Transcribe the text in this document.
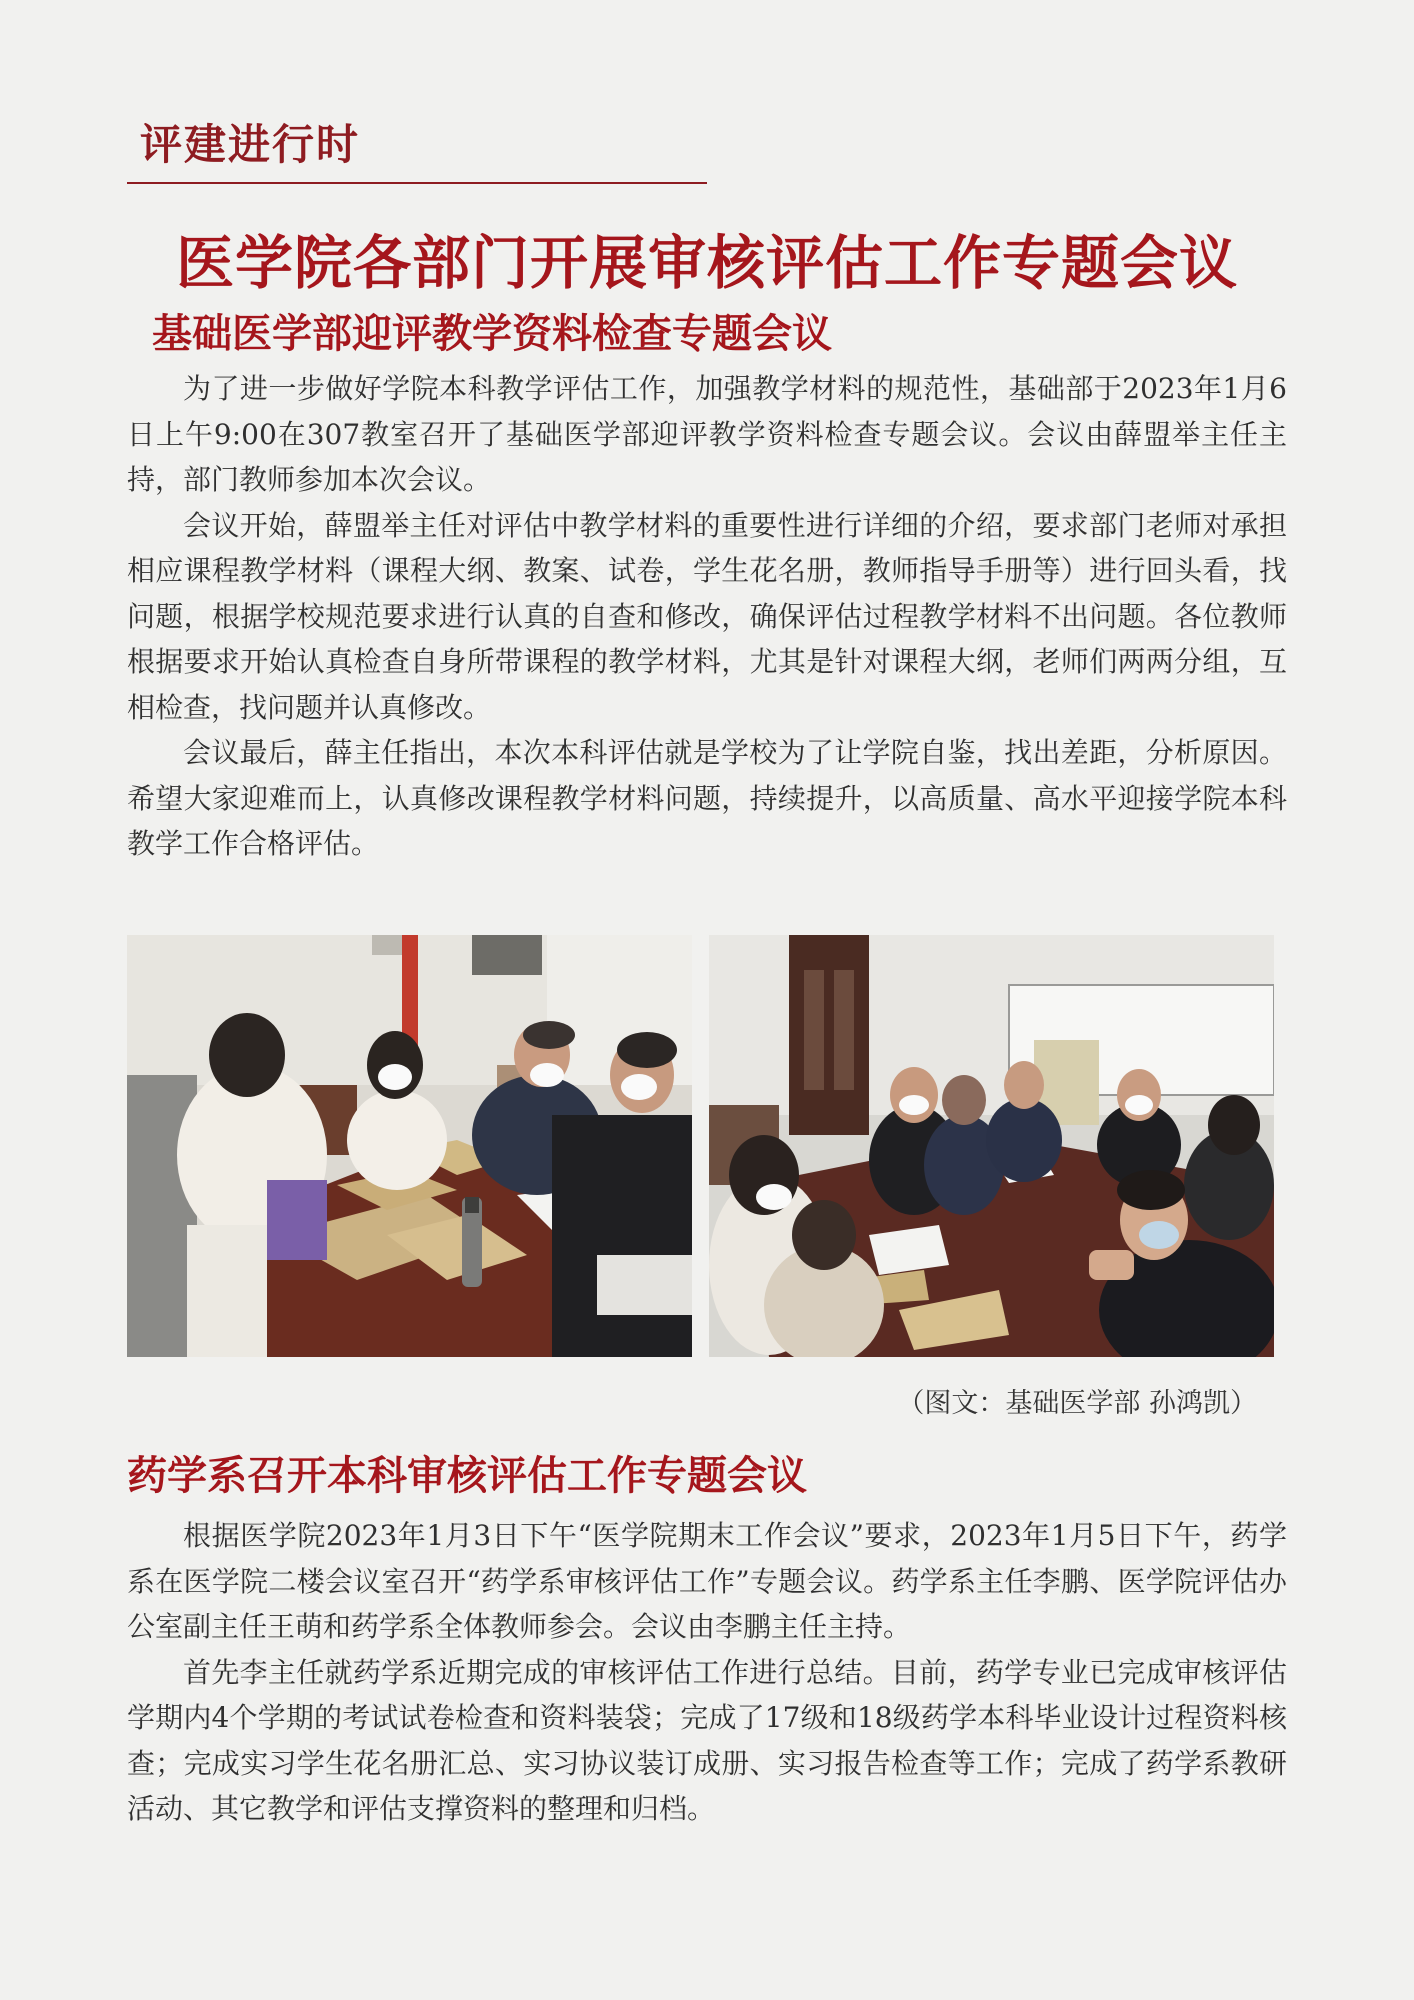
评建进行时
医学院各部门开展审核评估工作专题会议
基础医学部迎评教学资料检查专题会议

为了进一步做好学院本科教学评估工作，加强教学材料的规范性，基础部于2023年1月6日上午9:00在307教室召开了基础医学部迎评教学资料检查专题会议。会议由薛盟举主任主持，部门教师参加本次会议。

会议开始，薛盟举主任对评估中教学材料的重要性进行详细的介绍，要求部门老师对承担相应课程教学材料（课程大纲、教案、试卷，学生花名册，教师指导手册等）进行回头看，找问题，根据学校规范要求进行认真的自查和修改，确保评估过程教学材料不出问题。各位教师根据要求开始认真检查自身所带课程的教学材料，尤其是针对课程大纲，老师们两两分组，互相检查，找问题并认真修改。

会议最后，薛主任指出，本次本科评估就是学校为了让学院自鉴，找出差距，分析原因。希望大家迎难而上，认真修改课程教学材料问题，持续提升，以高质量、高水平迎接学院本科教学工作合格评估。

（图文：基础医学部 孙鸿凯）
药学系召开本科审核评估工作专题会议

根据医学院2023年1月3日下午“医学院期末工作会议”要求，2023年1月5日下午，药学系在医学院二楼会议室召开“药学系审核评估工作”专题会议。药学系主任李鹏、医学院评估办公室副主任王萌和药学系全体教师参会。会议由李鹏主任主持。

首先李主任就药学系近期完成的审核评估工作进行总结。目前，药学专业已完成审核评估学期内4个学期的考试试卷检查和资料装袋；完成了17级和18级药学本科毕业设计过程资料核查；完成实习学生花名册汇总、实习协议装订成册、实习报告检查等工作；完成了药学系教研活动、其它教学和评估支撑资料的整理和归档。
